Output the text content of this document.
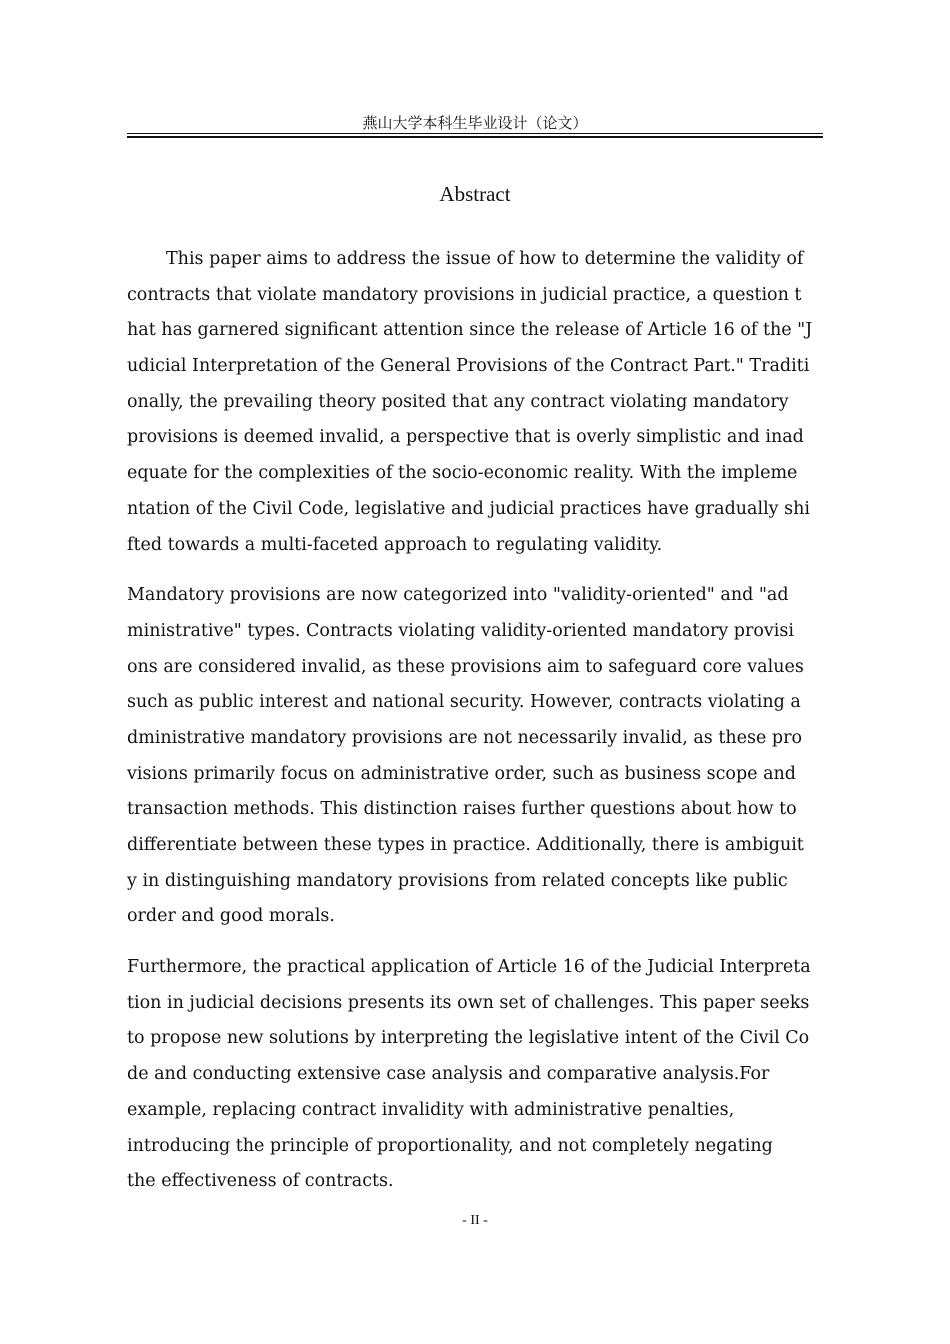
燕山大学本科生毕业设计（论文）
Abstract
This paper aims to address the issue of how to determine the validity of
contracts that violate mandatory provisions in judicial practice, a question t
hat has garnered significant attention since the release of Article 16 of the "J
udicial Interpretation of the General Provisions of the Contract Part." Traditi
onally, the prevailing theory posited that any contract violating mandatory
provisions is deemed invalid, a perspective that is overly simplistic and inad
equate for the complexities of the socio-economic reality. With the impleme
ntation of the Civil Code, legislative and judicial practices have gradually shi
fted towards a multi-faceted approach to regulating validity.
Mandatory provisions are now categorized into "validity-oriented" and "ad
ministrative" types. Contracts violating validity-oriented mandatory provisi
ons are considered invalid, as these provisions aim to safeguard core values
such as public interest and national security. However, contracts violating a
dministrative mandatory provisions are not necessarily invalid, as these pro
visions primarily focus on administrative order, such as business scope and
transaction methods. This distinction raises further questions about how to
differentiate between these types in practice. Additionally, there is ambiguit
y in distinguishing mandatory provisions from related concepts like public
order and good morals.
Furthermore, the practical application of Article 16 of the Judicial Interpreta
tion in judicial decisions presents its own set of challenges. This paper seeks
to propose new solutions by interpreting the legislative intent of the Civil Co
de and conducting extensive case analysis and comparative analysis.For
example, replacing contract invalidity with administrative penalties,
introducing the principle of proportionality, and not completely negating
the effectiveness of contracts.
- II -
